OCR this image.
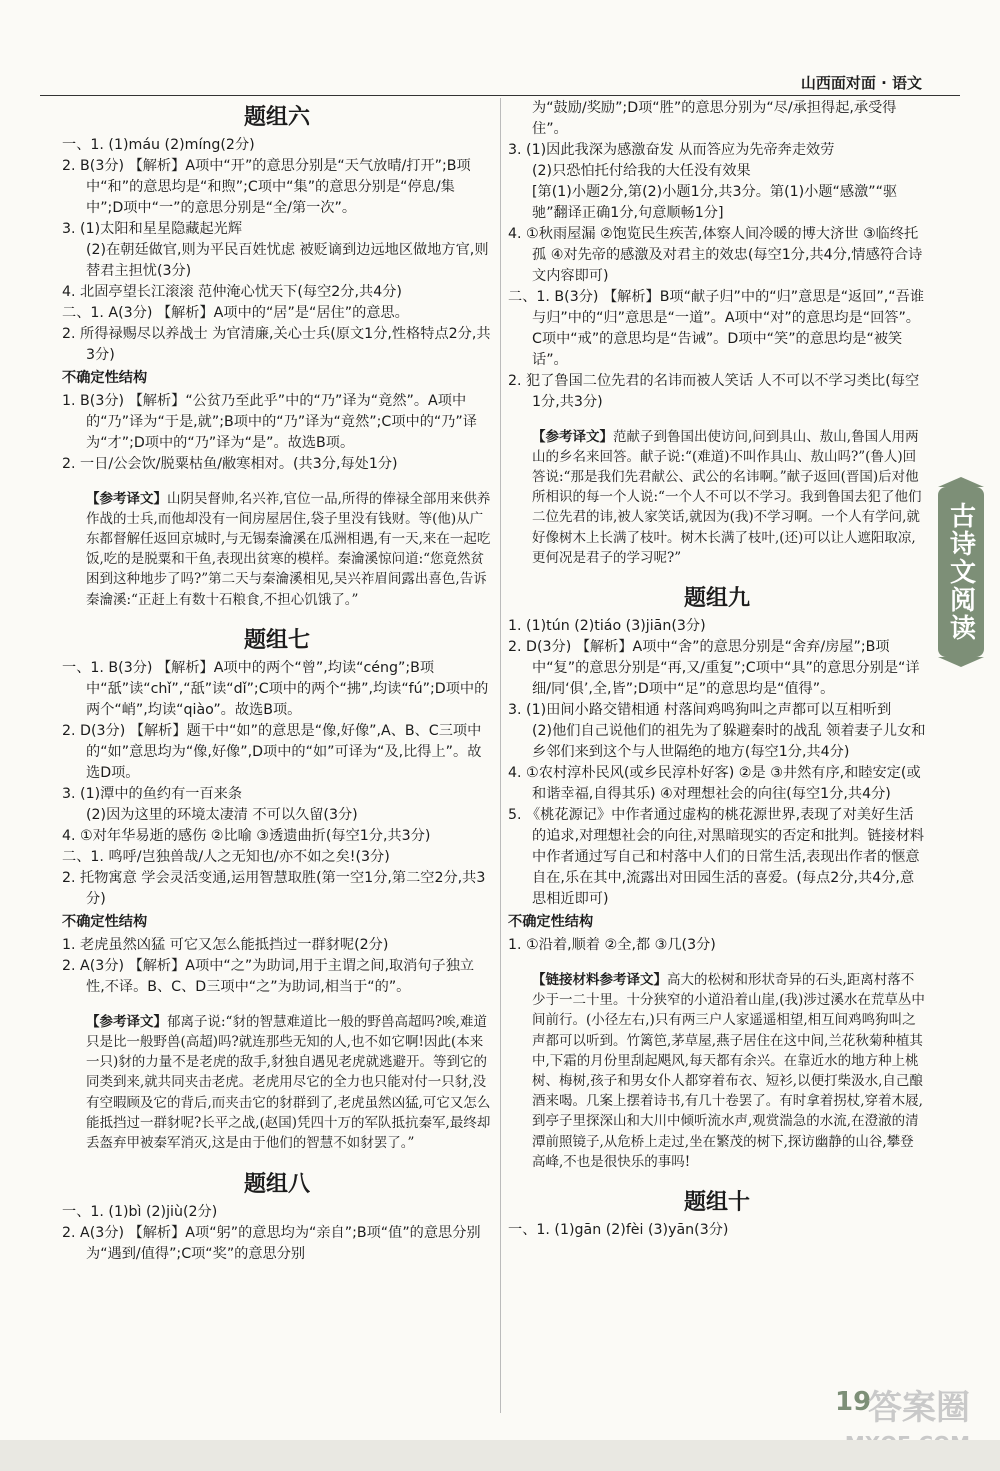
山西面对面 · 语文
题组六

一、1. (1)máu (2)míng(2分)

2. B(3分) 【解析】A项中“开”的意思分别是“天气放晴/打开”;B项中“和”的意思均是“和煦”;C项中“集”的意思分别是“停息/集中”;D项中“一”的意思分别是“全/第一次”。

3. (1)太阳和星星隐藏起光辉

(2)在朝廷做官,则为平民百姓忧虑 被贬谪到边远地区做地方官,则替君主担忧(3分)

4. 北固亭望长江滚滚 范仲淹心忧天下(每空2分,共4分)

二、1. A(3分) 【解析】A项中的“居”是“居住”的意思。

2. 所得禄赐尽以养战士 为官清廉,关心士兵(原文1分,性格特点2分,共3分)

不确定性结构

1. B(3分) 【解析】“公贫乃至此乎”中的“乃”译为“竟然”。A项中的“乃”译为“于是,就”;B项中的“乃”译为“竟然”;C项中的“乃”译为“才”;D项中的“乃”译为“是”。故选B项。

2. 一日/公会饮/脱粟枯鱼/敝寒相对。(共3分,每处1分)

【参考译文】山阴吴督帅,名兴祚,官位一品,所得的俸禄全部用来供养作战的士兵,而他却没有一间房屋居住,袋子里没有钱财。等(他)从广东都督解任返回京城时,与无锡秦瀹溪在瓜洲相遇,有一天,来在一起吃饭,吃的是脱粟和干鱼,表现出贫寒的模样。秦瀹溪惊问道:“您竟然贫困到这种地步了吗?”第二天与秦瀹溪相见,吴兴祚眉间露出喜色,告诉秦瀹溪:“正赶上有数十石粮食,不担心饥饿了。”

题组七

一、1. B(3分) 【解析】A项中的两个“曾”,均读“céng”;B项中“舐”读“chǐ”,“舐”读“dǐ”;C项中的两个“拂”,均读“fú”;D项中的两个“峭”,均读“qiào”。故选B项。

2. D(3分) 【解析】题干中“如”的意思是“像,好像”,A、B、C三项中的“如”意思均为“像,好像”,D项中的“如”可译为“及,比得上”。故选D项。

3. (1)潭中的鱼约有一百来条

(2)因为这里的环境太凄清 不可以久留(3分)

4. ①对年华易逝的感伤 ②比喻 ③透遗曲折(每空1分,共3分)

二、1. 鸣呼/岂独兽哉/人之无知也/亦不如之矣!(3分)

2. 托物寓意 学会灵活变通,运用智慧取胜(第一空1分,第二空2分,共3分)

不确定性结构

1. 老虎虽然凶猛 可它又怎么能抵挡过一群豺呢(2分)

2. A(3分) 【解析】A项中“之”为助词,用于主谓之间,取消句子独立性,不译。B、C、D三项中“之”为助词,相当于“的”。

【参考译文】郁离子说:“豺的智慧难道比一般的野兽高超吗?唉,难道只是比一般野兽(高超)吗?就连那些无知的人,也不如它啊!因此(本来一只)豺的力量不是老虎的敌手,豺独自遇见老虎就逃避开。等到它的同类到来,就共同夹击老虎。老虎用尽它的全力也只能对付一只豺,没有空暇顾及它的背后,而夹击它的豺群到了,老虎虽然凶猛,可它又怎么能抵挡过一群豺呢?长平之战,(赵国)凭四十万的军队抵抗秦军,最终却丢盔弃甲被秦军消灭,这是由于他们的智慧不如豺罢了。”

题组八

一、1. (1)bì (2)jiù(2分)

2. A(3分) 【解析】A项“躬”的意思均为“亲自”;B项“值”的意思分别为“遇到/值得”;C项“奖”的意思分别

为“鼓励/奖励”;D项“胜”的意思分别为“尽/承担得起,承受得住”。

3. (1)因此我深为感激奋发 从而答应为先帝奔走效劳

(2)只恐怕托付给我的大任没有效果

[第(1)小题2分,第(2)小题1分,共3分。第(1)小题“感激”“驱驰”翻译正确1分,句意顺畅1分]

4. ①秋雨屋漏 ②饱览民生疾苦,体察人间冷暖的博大济世 ③临终托孤 ④对先帝的感激及对君主的效忠(每空1分,共4分,情感符合诗文内容即可)

二、1. B(3分) 【解析】B项“献子归”中的“归”意思是“返回”,“吾谁与归”中的“归”意思是“一道”。A项中“对”的意思均是“回答”。C项中“戒”的意思均是“告诫”。D项中“笑”的意思均是“被笑话”。

2. 犯了鲁国二位先君的名讳而被人笑话 人不可以不学习类比(每空1分,共3分)

【参考译文】范献子到鲁国出使访问,问到具山、敖山,鲁国人用两山的乡名来回答。献子说:“(难道)不叫作具山、敖山吗?”(鲁人)回答说:“那是我们先君献公、武公的名讳啊。”献子返回(晋国)后对他所相识的每一个人说:“一个人不可以不学习。我到鲁国去犯了他们二位先君的讳,被人家笑话,就因为(我)不学习啊。一个人有学问,就好像树木上长满了枝叶。树木长满了枝叶,(还)可以让人遮阳取凉,更何况是君子的学习呢?”

题组九

1. (1)tún (2)tiáo (3)jiān(3分)

2. D(3分) 【解析】A项中“舍”的意思分别是“舍弃/房屋”;B项中“复”的意思分别是“再,又/重复”;C项中“具”的意思分别是“详细/同‘俱’,全,皆”;D项中“足”的意思均是“值得”。

3. (1)田间小路交错相通 村落间鸡鸣狗叫之声都可以互相听到

(2)他们自己说他们的祖先为了躲避秦时的战乱 领着妻子儿女和乡邻们来到这个与人世隔绝的地方(每空1分,共4分)

4. ①农村淳朴民风(或乡民淳朴好客) ②是 ③井然有序,和睦安定(或和谐幸福,自得其乐) ④对理想社会的向往(每空1分,共4分)

5. 《桃花源记》中作者通过虚构的桃花源世界,表现了对美好生活的追求,对理想社会的向往,对黑暗现实的否定和批判。链接材料中作者通过写自己和村落中人们的日常生活,表现出作者的惬意自在,乐在其中,流露出对田园生活的喜爱。(每点2分,共4分,意思相近即可)

不确定性结构

1. ①沿着,顺着 ②全,都 ③几(3分)

【链接材料参考译文】高大的松树和形状奇异的石头,距离村落不少于一二十里。十分狭窄的小道沿着山崖,(我)涉过溪水在荒草丛中间前行。(小径左右,)只有两三户人家遥遥相望,相互间鸡鸣狗叫之声都可以听到。竹篱笆,茅草屋,燕子居住在这中间,兰花秋菊种植其中,下霜的月份里刮起飓风,每天都有余兴。在靠近水的地方种上桃树、梅树,孩子和男女仆人都穿着布衣、短衫,以便打柴汲水,自己酿酒来喝。几案上摆着诗书,有几十卷罢了。有时拿着拐杖,穿着木屐,到亭子里探深山和大川中倾听流水声,观赏湍急的水流,在澄澈的清潭前照镜子,从危桥上走过,坐在繁茂的树下,探访幽静的山谷,攀登高峰,不也是很快乐的事吗!

题组十

一、1. (1)gān (2)fèi (3)yān(3分)

古诗文阅读
19
答案圈
